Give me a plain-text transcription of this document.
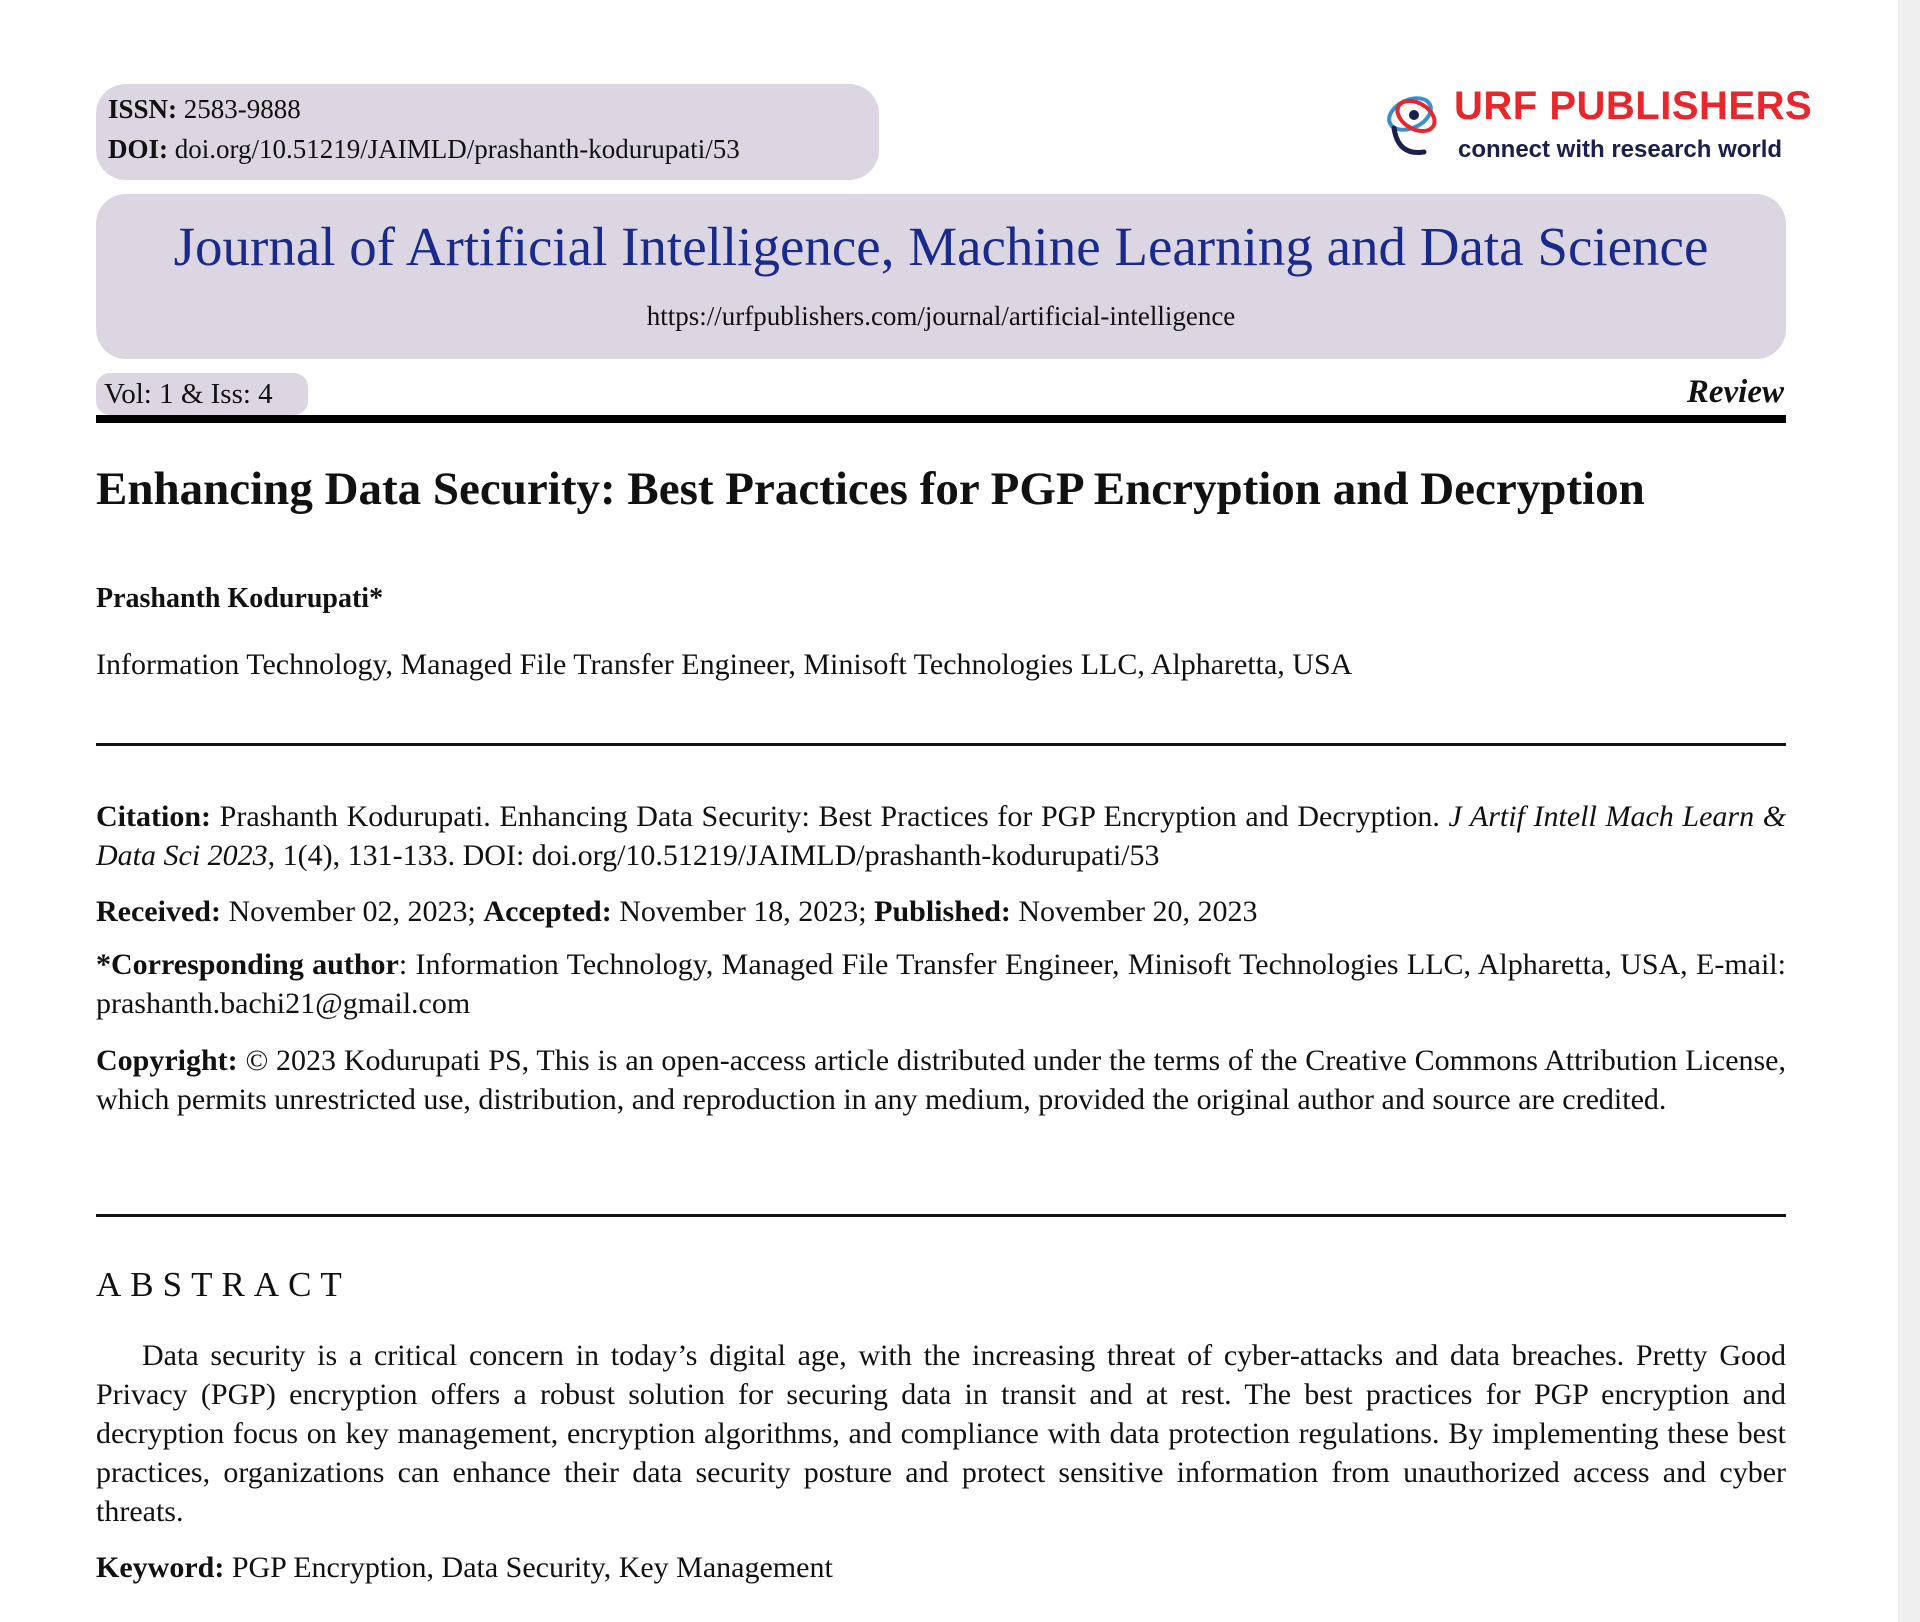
ISSN: 2583-9888
DOI: doi.org/10.51219/JAIMLD/prashanth-kodurupati/53
URF PUBLISHERS
connect with research world
Journal of Artificial Intelligence, Machine Learning and Data Science
https://urfpublishers.com/journal/artificial-intelligence
Vol: 1 & Iss: 4	Review
Enhancing Data Security: Best Practices for PGP Encryption and Decryption
Prashanth Kodurupati*
Information Technology, Managed File Transfer Engineer, Minisoft Technologies LLC, Alpharetta, USA
Citation: Prashanth Kodurupati. Enhancing Data Security: Best Practices for PGP Encryption and Decryption. J Artif Intell Mach Learn & Data Sci 2023, 1(4), 131-133. DOI: doi.org/10.51219/JAIMLD/prashanth-kodurupati/53
Received: November 02, 2023; Accepted: November 18, 2023; Published: November 20, 2023
*Corresponding author: Information Technology, Managed File Transfer Engineer, Minisoft Technologies LLC, Alpharetta, USA, E-mail: prashanth.bachi21@gmail.com
Copyright: © 2023 Kodurupati PS, This is an open-access article distributed under the terms of the Creative Commons Attribution License, which permits unrestricted use, distribution, and reproduction in any medium, provided the original author and source are credited.
ABSTRACT
Data security is a critical concern in today’s digital age, with the increasing threat of cyber-attacks and data breaches. Pretty Good Privacy (PGP) encryption offers a robust solution for securing data in transit and at rest. The best practices for PGP encryption and decryption focus on key management, encryption algorithms, and compliance with data protection regulations. By implementing these best practices, organizations can enhance their data security posture and protect sensitive information from unauthorized access and cyber threats.
Keyword: PGP Encryption, Data Security, Key Management
